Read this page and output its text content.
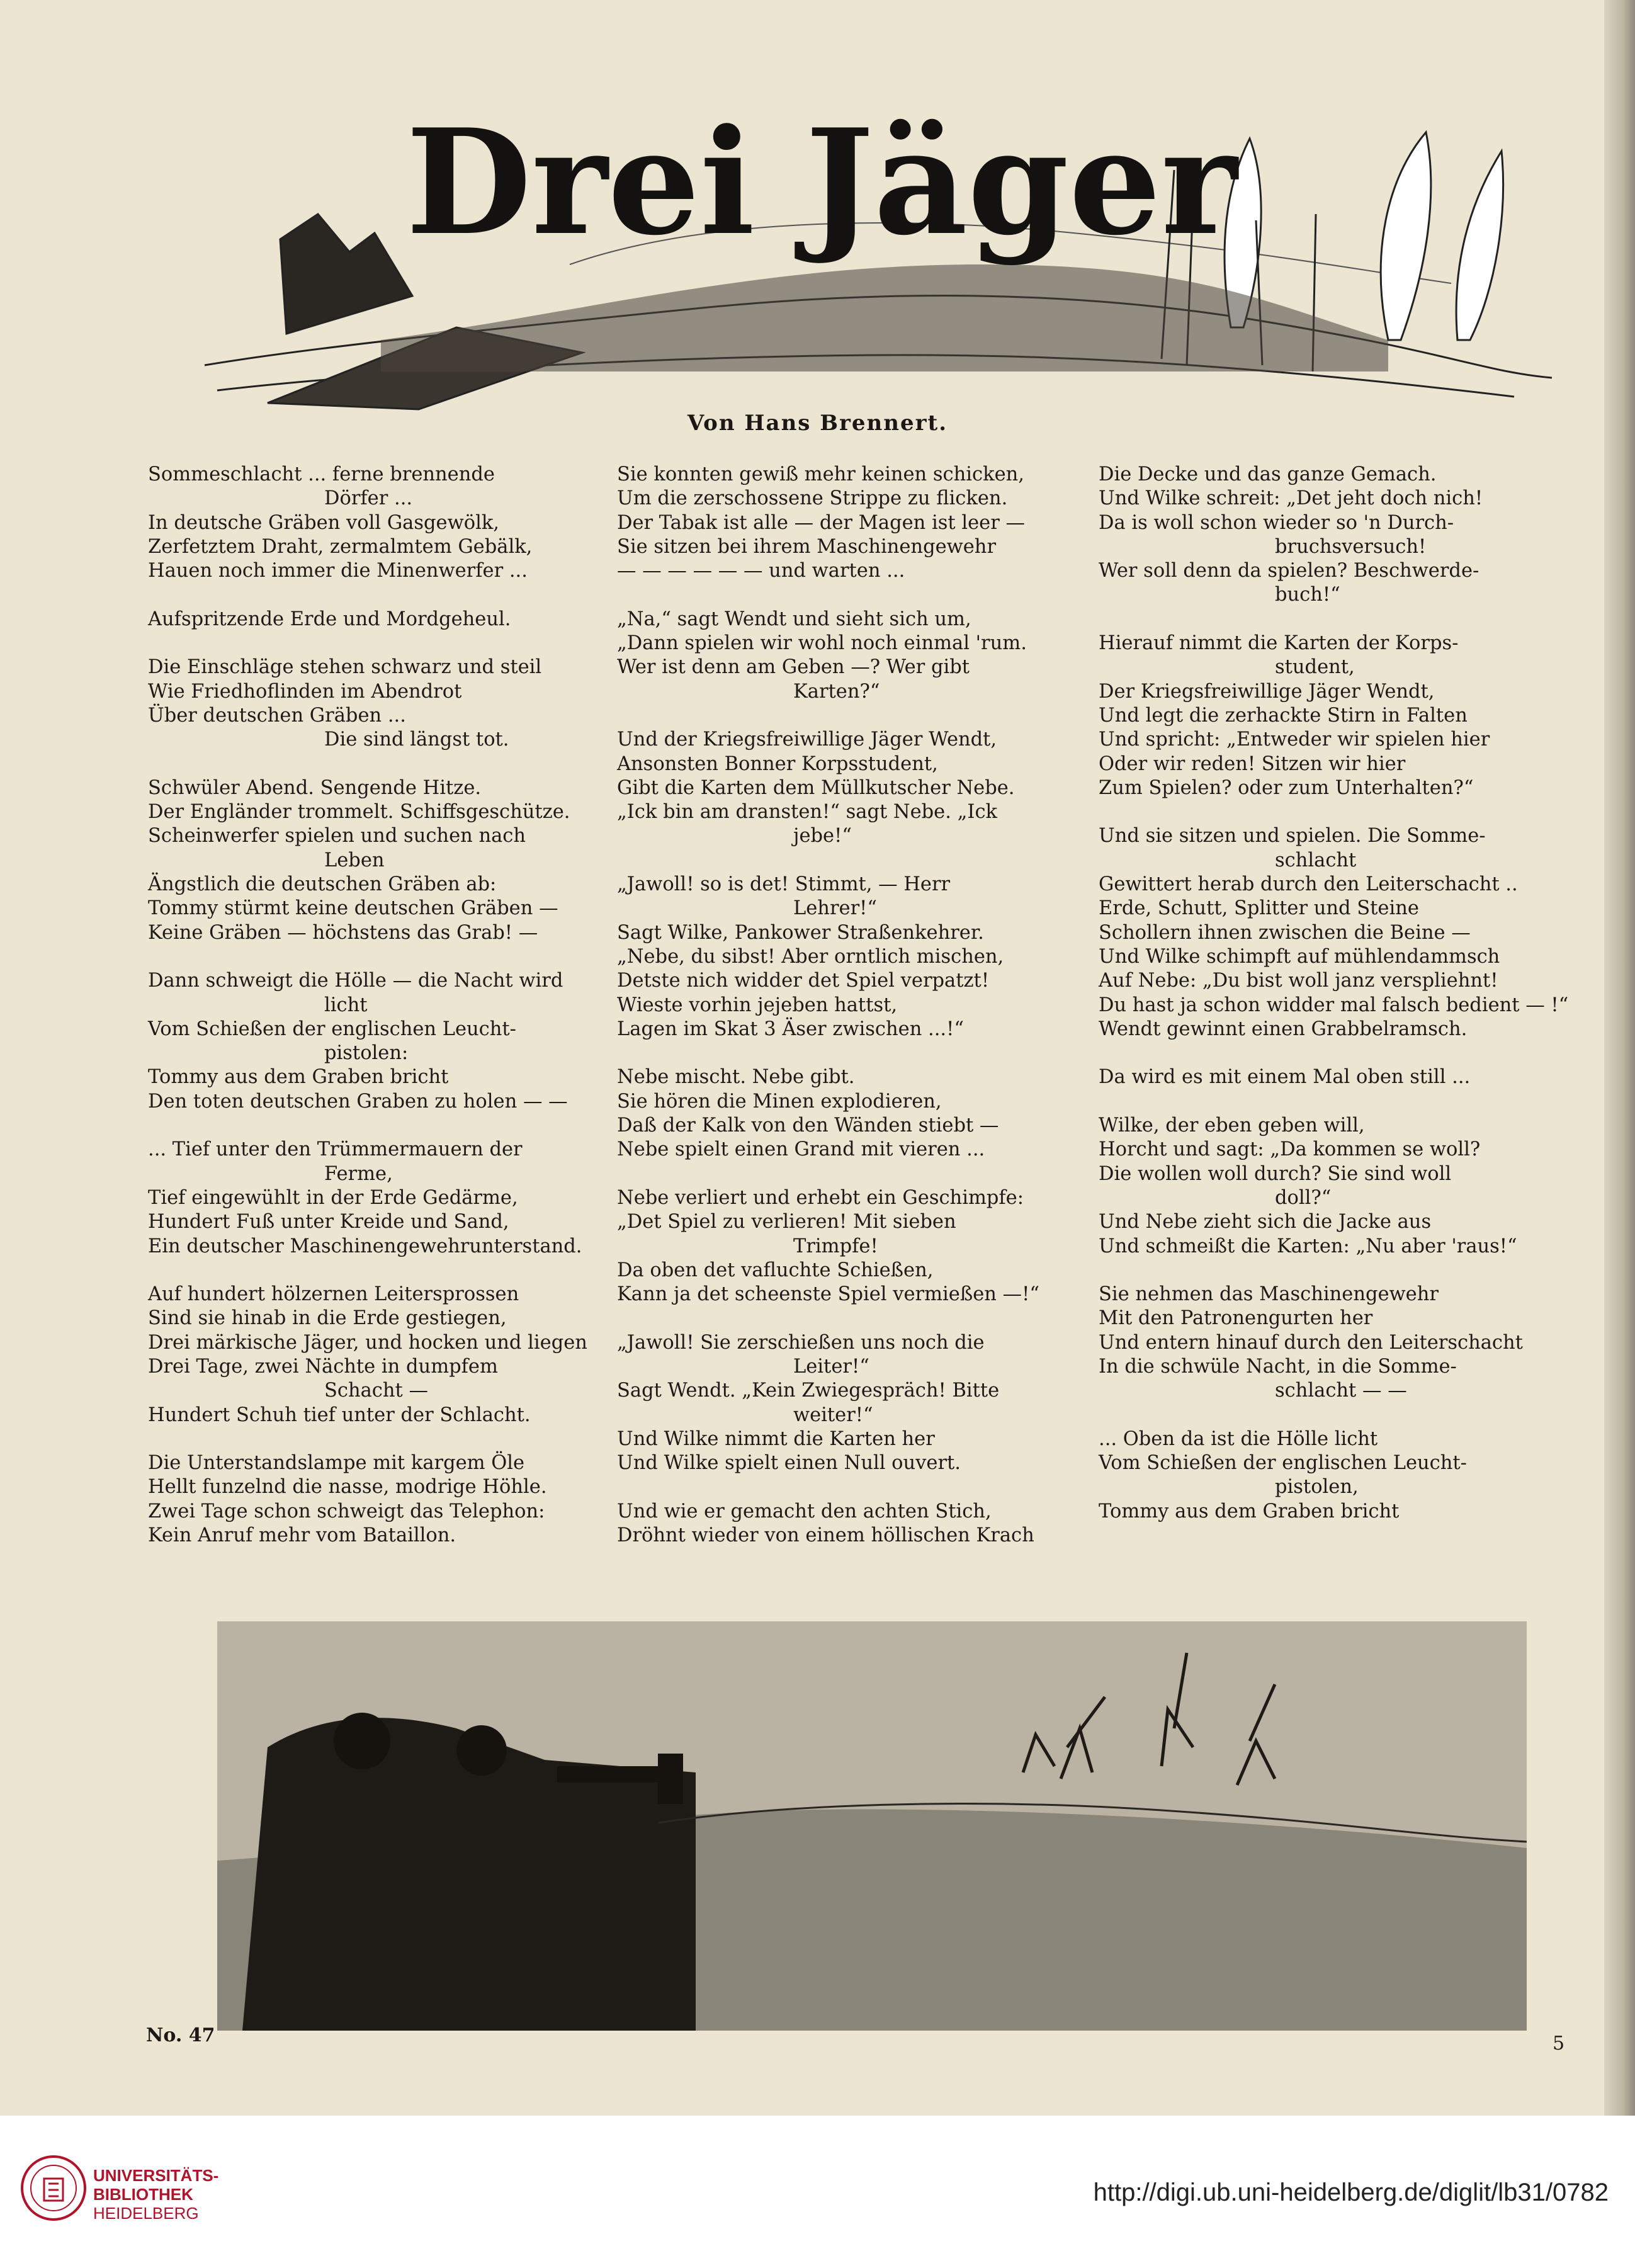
Drei Jäger
Von Hans Brennert.
Sommeschlacht ... ferne brennende
Dörfer ...
In deutsche Gräben voll Gasgewölk,
Zerfetztem Draht, zermalmtem Gebälk,
Hauen noch immer die Minenwerfer ...
Aufspritzende Erde und Mordgeheul.
Die Einschläge stehen schwarz und steil
Wie Friedhoflinden im Abendrot
Über deutschen Gräben ...
Die sind längst tot.
Schwüler Abend. Sengende Hitze.
Der Engländer trommelt. Schiffsgeschütze.
Scheinwerfer spielen und suchen nach
Leben
Ängstlich die deutschen Gräben ab:
Tommy stürmt keine deutschen Gräben —
Keine Gräben — höchstens das Grab! —
Dann schweigt die Hölle — die Nacht wird
licht
Vom Schießen der englischen Leucht-
pistolen:
Tommy aus dem Graben bricht
Den toten deutschen Graben zu holen — —
... Tief unter den Trümmermauern der
Ferme,
Tief eingewühlt in der Erde Gedärme,
Hundert Fuß unter Kreide und Sand,
Ein deutscher Maschinengewehrunterstand.
Auf hundert hölzernen Leitersprossen
Sind sie hinab in die Erde gestiegen,
Drei märkische Jäger, und hocken und liegen
Drei Tage, zwei Nächte in dumpfem
Schacht —
Hundert Schuh tief unter der Schlacht.
Die Unterstandslampe mit kargem Öle
Hellt funzelnd die nasse, modrige Höhle.
Zwei Tage schon schweigt das Telephon:
Kein Anruf mehr vom Bataillon.
Sie konnten gewiß mehr keinen schicken,
Um die zerschossene Strippe zu flicken.
Der Tabak ist alle — der Magen ist leer —
Sie sitzen bei ihrem Maschinengewehr
— — — — — — und warten ...
„Na,“ sagt Wendt und sieht sich um,
„Dann spielen wir wohl noch einmal 'rum.
Wer ist denn am Geben —? Wer gibt
Karten?“
Und der Kriegsfreiwillige Jäger Wendt,
Ansonsten Bonner Korpsstudent,
Gibt die Karten dem Müllkutscher Nebe.
„Ick bin am dransten!“ sagt Nebe. „Ick
jebe!“
„Jawoll! so is det! Stimmt, — Herr
Lehrer!“
Sagt Wilke, Pankower Straßenkehrer.
„Nebe, du sibst! Aber orntlich mischen,
Detste nich widder det Spiel verpatzt!
Wieste vorhin jejeben hattst,
Lagen im Skat 3 Äser zwischen ...!“
Nebe mischt. Nebe gibt.
Sie hören die Minen explodieren,
Daß der Kalk von den Wänden stiebt —
Nebe spielt einen Grand mit vieren ...
Nebe verliert und erhebt ein Geschimpfe:
„Det Spiel zu verlieren! Mit sieben
Trimpfe!
Da oben det vafluchte Schießen,
Kann ja det scheenste Spiel vermießen —!“
„Jawoll! Sie zerschießen uns noch die
Leiter!“
Sagt Wendt. „Kein Zwiegespräch! Bitte
weiter!“
Und Wilke nimmt die Karten her
Und Wilke spielt einen Null ouvert.
Und wie er gemacht den achten Stich,
Dröhnt wieder von einem höllischen Krach
Die Decke und das ganze Gemach.
Und Wilke schreit: „Det jeht doch nich!
Da is woll schon wieder so 'n Durch-
bruchsversuch!
Wer soll denn da spielen? Beschwerde-
buch!“
Hierauf nimmt die Karten der Korps-
student,
Der Kriegsfreiwillige Jäger Wendt,
Und legt die zerhackte Stirn in Falten
Und spricht: „Entweder wir spielen hier
Oder wir reden! Sitzen wir hier
Zum Spielen? oder zum Unterhalten?“
Und sie sitzen und spielen. Die Somme-
schlacht
Gewittert herab durch den Leiterschacht ..
Erde, Schutt, Splitter und Steine
Schollern ihnen zwischen die Beine —
Und Wilke schimpft auf mühlendammsch
Auf Nebe: „Du bist woll janz verspliehnt!
Du hast ja schon widder mal falsch bedient — !“
Wendt gewinnt einen Grabbelramsch.
Da wird es mit einem Mal oben still ...
Wilke, der eben geben will,
Horcht und sagt: „Da kommen se woll?
Die wollen woll durch? Sie sind woll
doll?“
Und Nebe zieht sich die Jacke aus
Und schmeißt die Karten: „Nu aber 'raus!“
Sie nehmen das Maschinengewehr
Mit den Patronengurten her
Und entern hinauf durch den Leiterschacht
In die schwüle Nacht, in die Somme-
schlacht — —
... Oben da ist die Hölle licht
Vom Schießen der englischen Leucht-
pistolen,
Tommy aus dem Graben bricht
No. 47	5
UNIVERSITÄTS-
BIBLIOTHEK
HEIDELBERG
http://digi.ub.uni-heidelberg.de/diglit/lb31/0782
